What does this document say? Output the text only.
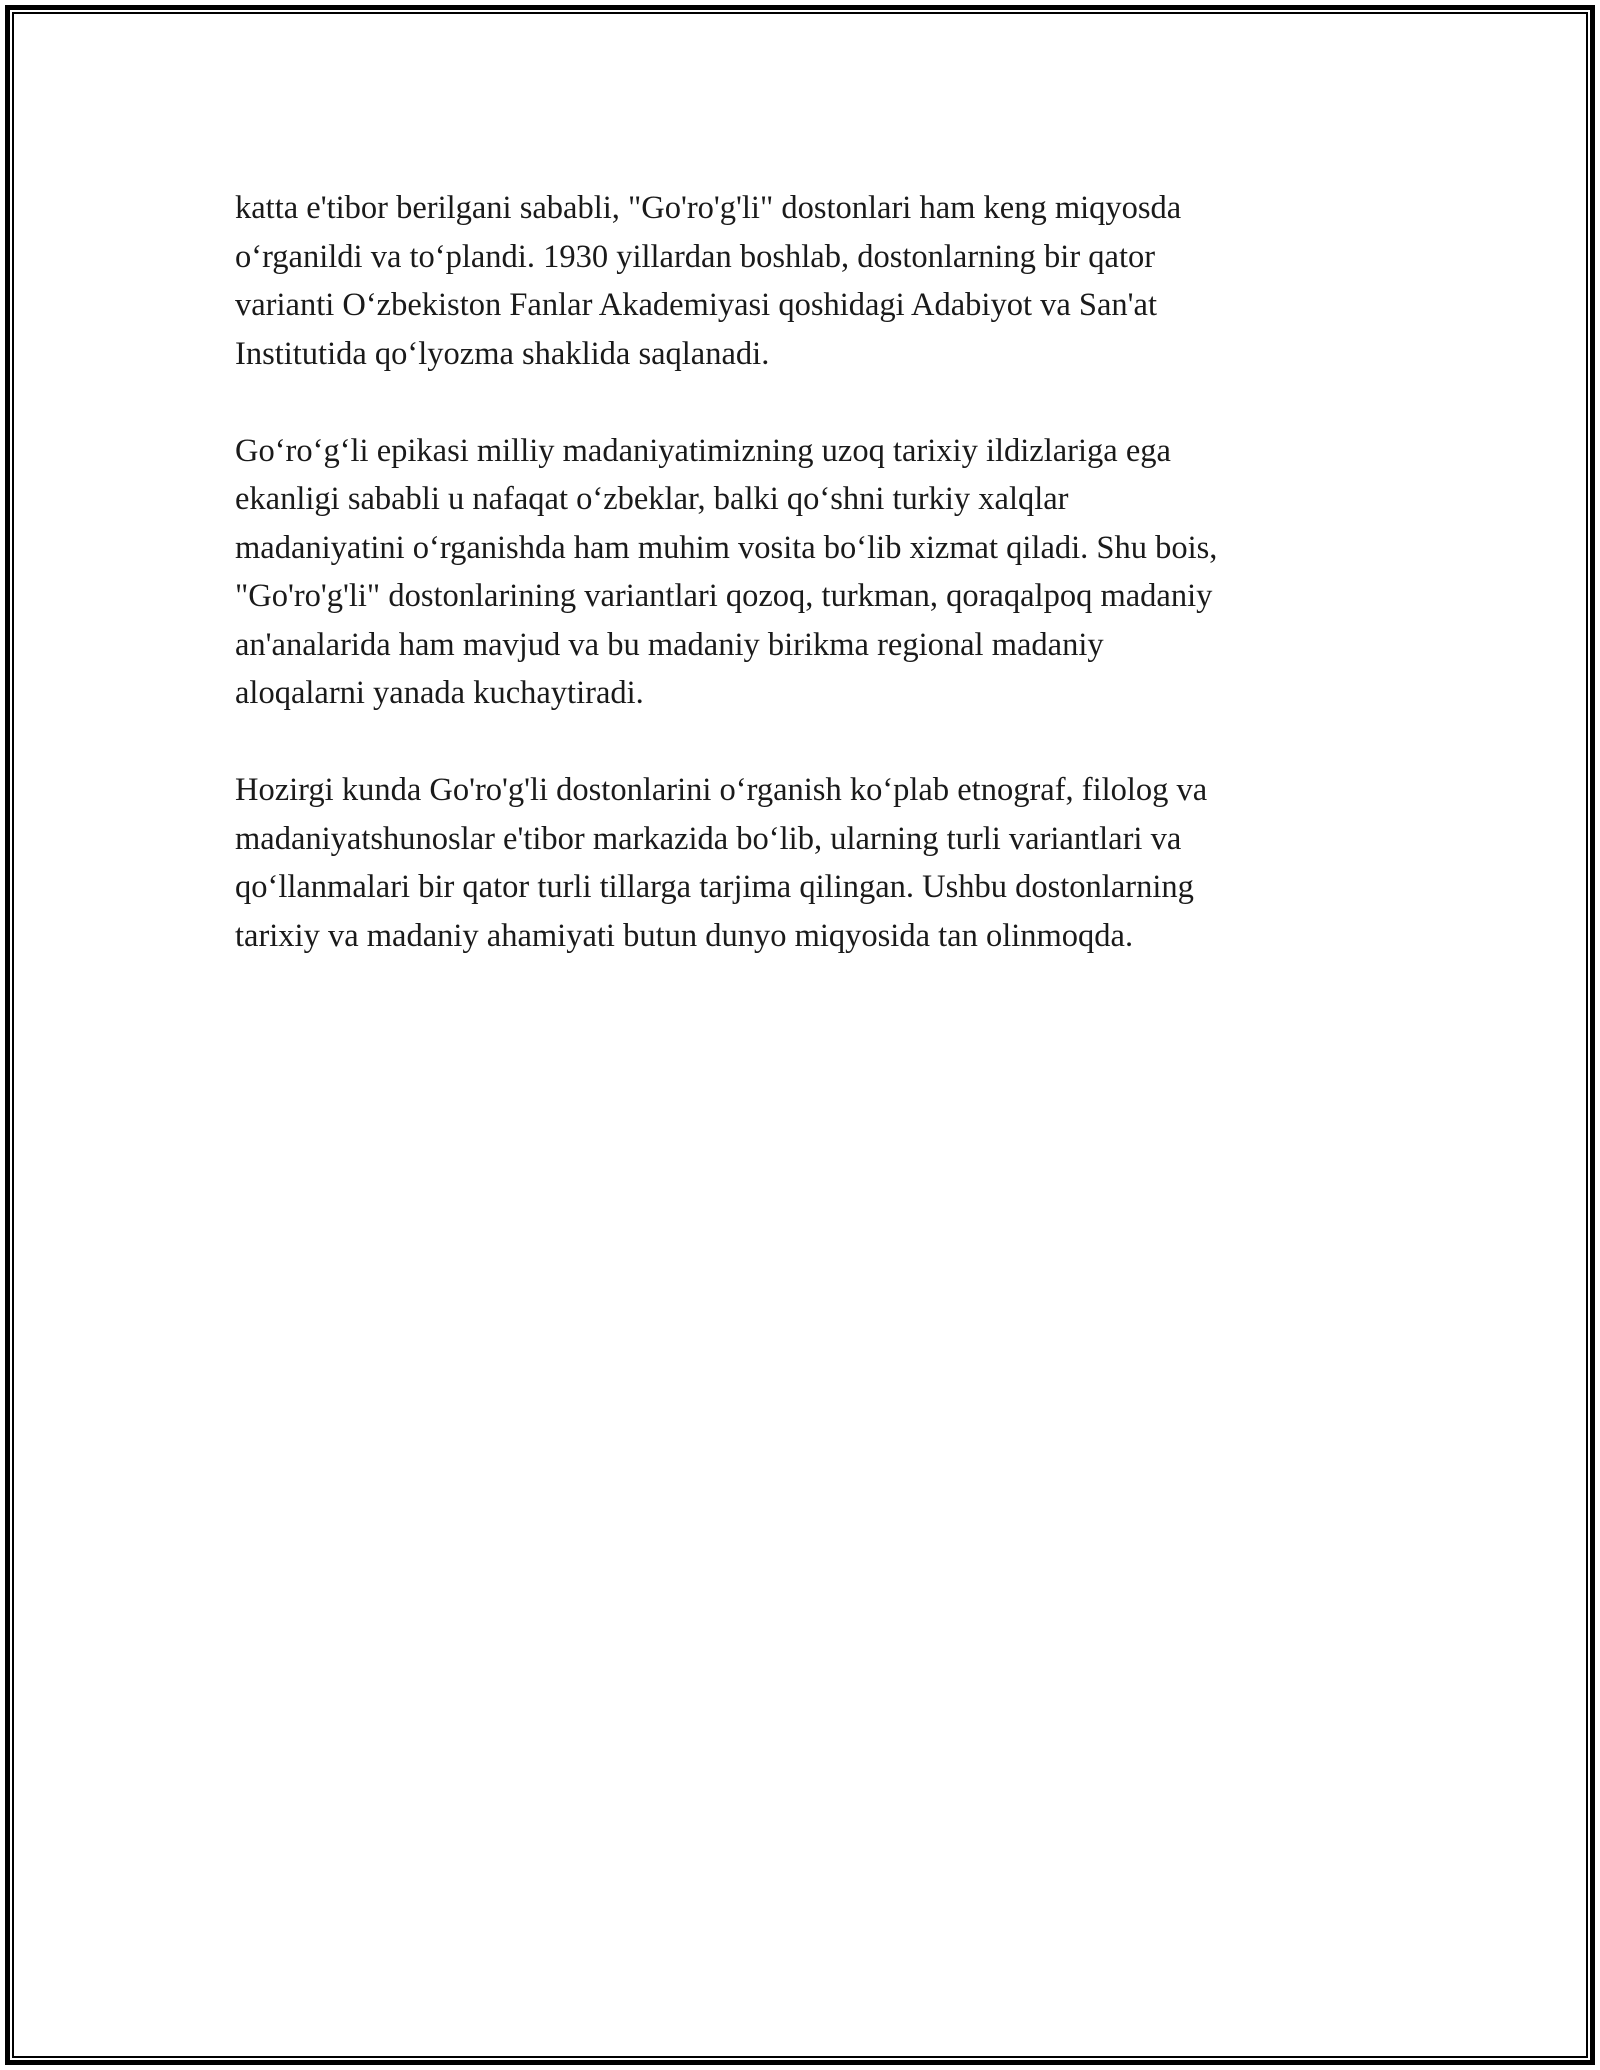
katta e'tibor berilgani sababli, "Go'ro'g'li" dostonlari ham keng miqyosda
o‘rganildi va to‘plandi. 1930 yillardan boshlab, dostonlarning bir qator
varianti O‘zbekiston Fanlar Akademiyasi qoshidagi Adabiyot va San'at
Institutida qo‘lyozma shaklida saqlanadi.

Go‘ro‘g‘li epikasi milliy madaniyatimizning uzoq tarixiy ildizlariga ega
ekanligi sababli u nafaqat o‘zbeklar, balki qo‘shni turkiy xalqlar
madaniyatini o‘rganishda ham muhim vosita bo‘lib xizmat qiladi. Shu bois,
"Go'ro'g'li" dostonlarining variantlari qozoq, turkman, qoraqalpoq madaniy
an'analarida ham mavjud va bu madaniy birikma regional madaniy
aloqalarni yanada kuchaytiradi.

Hozirgi kunda Go'ro'g'li dostonlarini o‘rganish ko‘plab etnograf, filolog va
madaniyatshunoslar e'tibor markazida bo‘lib, ularning turli variantlari va
qo‘llanmalari bir qator turli tillarga tarjima qilingan. Ushbu dostonlarning
tarixiy va madaniy ahamiyati butun dunyo miqyosida tan olinmoqda.
